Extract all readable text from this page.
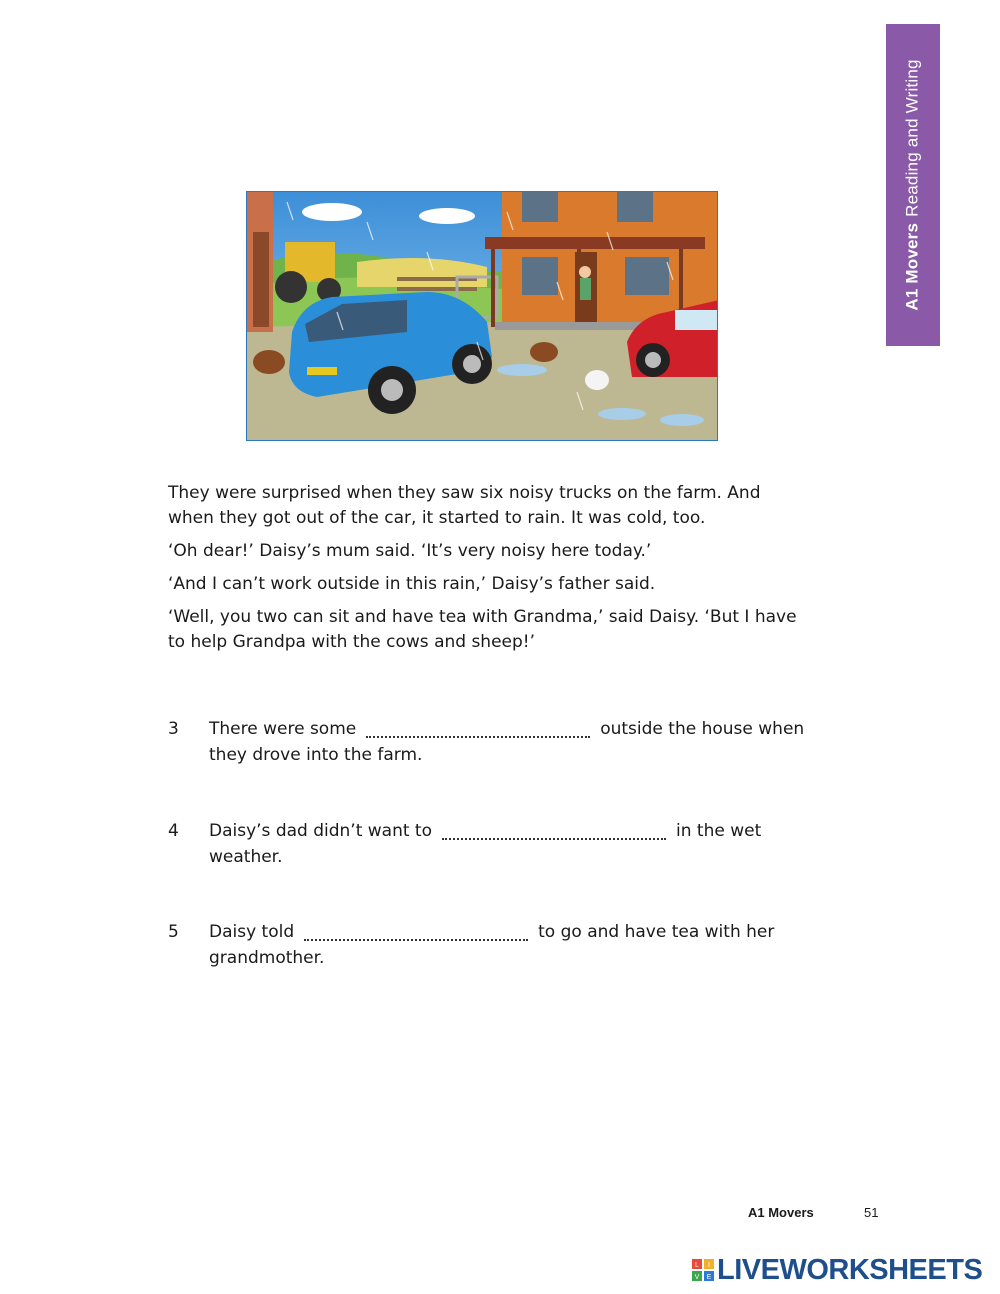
A1 MoversReading and Writing

They were surprised when they saw six noisy trucks on the farm. And when they got out of the car, it started to rain. It was cold, too.

‘Oh dear!’ Daisy’s mum said. ‘It’s very noisy here today.’

‘And I can’t work outside in this rain,’ Daisy’s father said.

‘Well, you two can sit and have tea with Grandma,’ said Daisy. ‘But I have to help Grandpa with the cows and sheep!’

3 There were some	outside the house when they drove into the farm.
4 Daisy’s dad didn’t want to	in the wet weather.
5 Daisy told	to go and have tea with her grandmother.
A1 Movers	51
L I
V E LIVEWORKSHEETS
